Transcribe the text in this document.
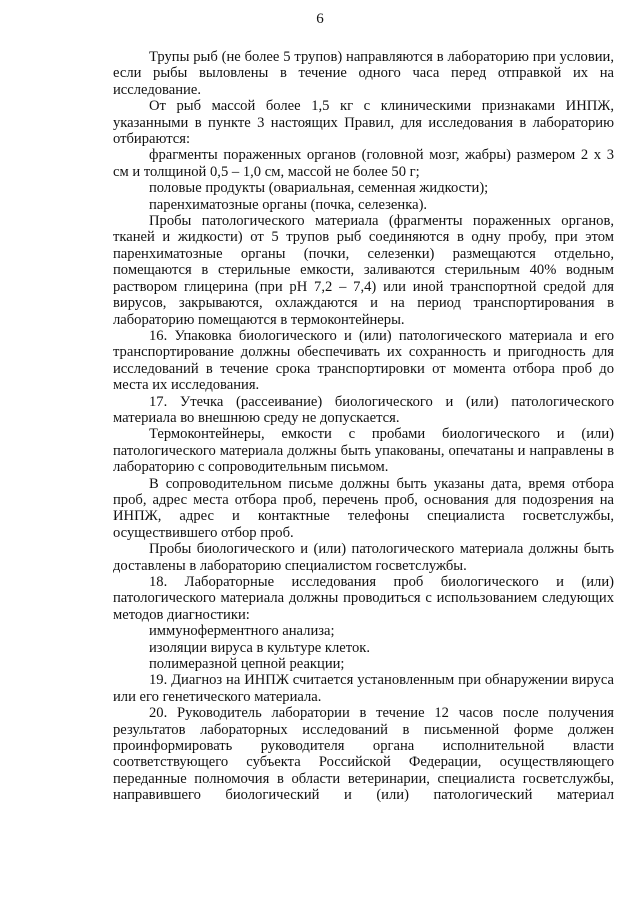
6

Трупы рыб (не более 5 трупов) направляются в лабораторию при условии, если рыбы выловлены в течение одного часа перед отправкой их на исследование.

От рыб массой более 1,5 кг с клиническими признаками ИНПЖ, указанными в пункте 3 настоящих Правил, для исследования в лабораторию отбираются:

фрагменты пораженных органов (головной мозг, жабры) размером 2 х 3 см и толщиной 0,5 – 1,0 см, массой не более 50 г;

половые продукты (овариальная, семенная жидкости);

паренхиматозные органы (почка, селезенка).

Пробы патологического материала (фрагменты пораженных органов, тканей и жидкости) от 5 трупов рыб соединяются в одну пробу, при этом паренхиматозные органы (почки, селезенки) размещаются отдельно, помещаются в стерильные емкости, заливаются стерильным 40% водным раствором глицерина (при рН 7,2 – 7,4) или иной транспортной средой для вирусов, закрываются, охлаждаются и на период транспортирования в лабораторию помещаются в термоконтейнеры.

16. Упаковка биологического и (или) патологического материала и его транспортирование должны обеспечивать их сохранность и пригодность для исследований в течение срока транспортировки от момента отбора проб до места их исследования.

17. Утечка (рассеивание) биологического и (или) патологического материала во внешнюю среду не допускается.

Термоконтейнеры, емкости с пробами биологического и (или) патологического материала должны быть упакованы, опечатаны и направлены в лабораторию с сопроводительным письмом.

В сопроводительном письме должны быть указаны дата, время отбора проб, адрес места отбора проб, перечень проб, основания для подозрения на ИНПЖ, адрес и контактные телефоны специалиста госветслужбы, осуществившего отбор проб.

Пробы биологического и (или) патологического материала должны быть доставлены в лабораторию специалистом госветслужбы.

18. Лабораторные исследования проб биологического и (или) патологического материала должны проводиться с использованием следующих методов диагностики:

иммуноферментного анализа;

изоляции вируса в культуре клеток.

полимеразной цепной реакции;

19. Диагноз на ИНПЖ считается установленным при обнаружении вируса или его генетического материала.

20. Руководитель лаборатории в течение 12 часов после получения результатов лабораторных исследований в письменной форме должен проинформировать руководителя органа исполнительной власти соответствующего субъекта Российской Федерации, осуществляющего переданные полномочия в области ветеринарии, специалиста госветслужбы, направившего биологический и (или) патологический материал
